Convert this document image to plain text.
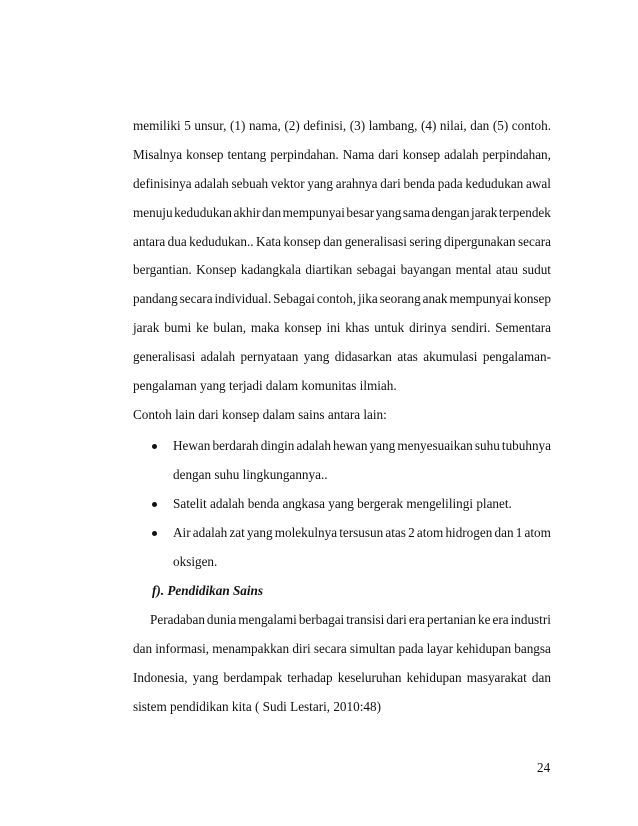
memiliki 5 unsur, (1) nama, (2) definisi, (3) lambang, (4) nilai, dan (5) contoh.
Misalnya konsep tentang perpindahan. Nama dari konsep adalah perpindahan,
definisinya adalah sebuah vektor yang arahnya dari benda pada kedudukan awal
menuju kedudukan akhir dan mempunyai besar yang sama dengan jarak terpendek
antara dua kedudukan.. Kata konsep dan generalisasi sering dipergunakan secara
bergantian. Konsep kadangkala diartikan sebagai bayangan mental atau sudut
pandang secara individual. Sebagai contoh, jika seorang anak mempunyai konsep
jarak bumi ke bulan, maka konsep ini khas untuk dirinya sendiri. Sementara
generalisasi adalah pernyataan yang didasarkan atas akumulasi pengalaman-
pengalaman yang terjadi dalam komunitas ilmiah.
Contoh lain dari konsep dalam sains antara lain:
Hewan berdarah dingin adalah hewan yang menyesuaikan suhu tubuhnya
dengan suhu lingkungannya..
Satelit adalah benda angkasa yang bergerak mengelilingi planet.
Air adalah zat yang molekulnya tersusun atas 2 atom hidrogen dan 1 atom
oksigen.
f). Pendidikan Sains
Peradaban dunia mengalami berbagai transisi dari era pertanian ke era industri
dan informasi, menampakkan diri secara simultan pada layar kehidupan bangsa
Indonesia, yang berdampak terhadap keseluruhan kehidupan masyarakat dan
sistem pendidikan kita ( Sudi Lestari, 2010:48)
24
